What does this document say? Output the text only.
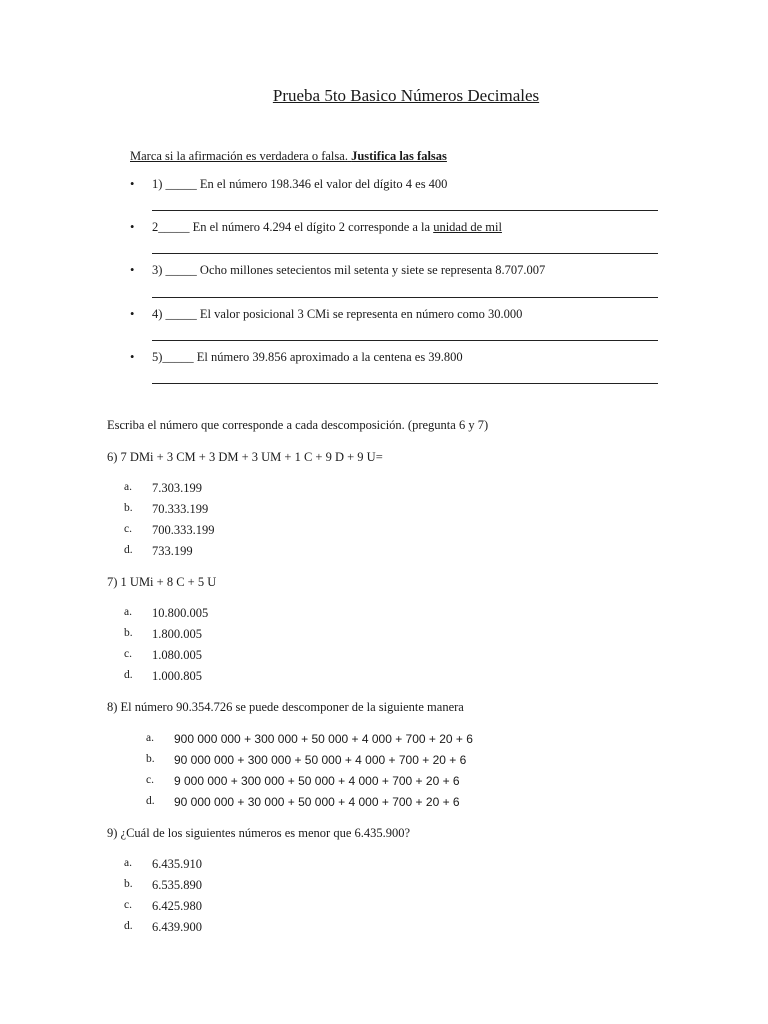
Prueba 5to Basico Números Decimales
Marca si la afirmación es verdadera o falsa. Justifica las falsas
• 1) _____ En el número 198.346 el valor del dígito 4 es 400
• 2_____ En el número 4.294 el dígito 2 corresponde a la unidad de mil
• 3) _____ Ocho millones setecientos mil setenta y siete se representa 8.707.007
• 4) _____ El valor posicional 3 CMi se representa en número como 30.000
• 5)_____ El número 39.856 aproximado a la centena es 39.800
Escriba el número que corresponde a cada descomposición. (pregunta 6 y 7)
6) 7 DMi + 3 CM + 3 DM + 3 UM + 1 C + 9 D + 9 U=
a. 7.303.199
b. 70.333.199
c. 700.333.199
d. 733.199
7) 1 UMi + 8 C + 5 U
a. 10.800.005
b. 1.800.005
c. 1.080.005
d. 1.000.805
8) El número 90.354.726 se puede descomponer de la siguiente manera
a. 900 000 000 + 300 000 + 50 000 + 4 000 + 700 + 20 + 6
b. 90 000 000 + 300 000 + 50 000 + 4 000 + 700 + 20 + 6
c. 9 000 000 + 300 000 + 50 000 + 4 000 + 700 + 20 + 6
d. 90 000 000 + 30 000 + 50 000 + 4 000 + 700 + 20 + 6
9) ¿Cuál de los siguientes números es menor que 6.435.900?
a. 6.435.910
b. 6.535.890
c. 6.425.980
d. 6.439.900
